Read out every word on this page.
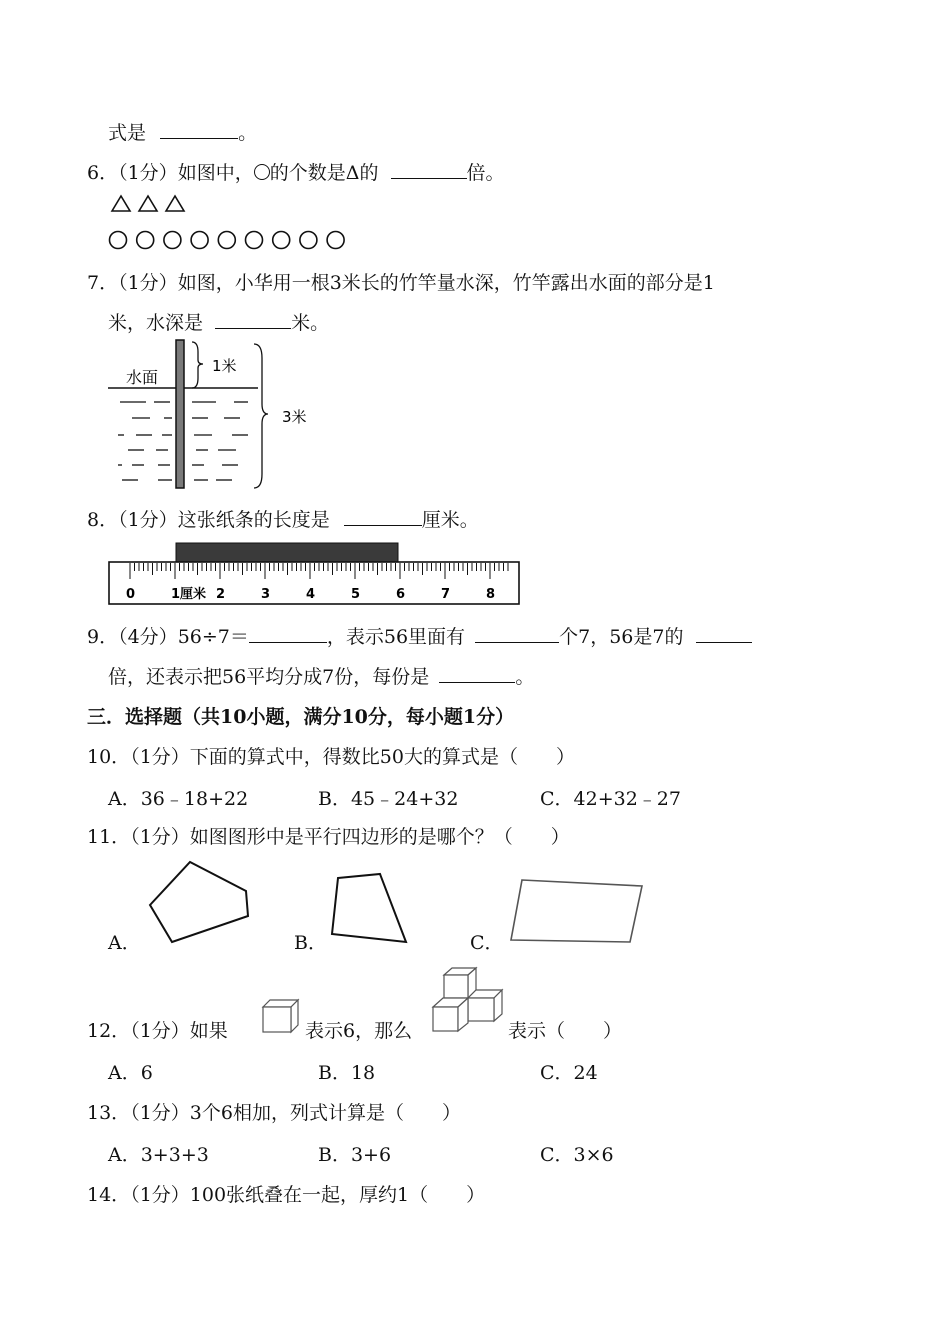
式是	。
6．（1分）如图中， 的个数是Δ的	倍。
7．（1分）如图，小华用一根3米长的竹竿量水深，竹竿露出水面的部分是1
米，水深是	米。
水面
1米
3米
8．（1分）这张纸条的长度是	厘米。
0	1厘米 2	3	4	5	6	7	8
9．（4分）56÷7＝	，表示56里面有	个7，56是7的
倍，还表示把56平均分成7份，每份是	。
三．选择题（共10小题，满分10分，每小题1分）
10．（1分）下面的算式中，得数比50大的算式是（　　）
A．36﹣18+22	B．45﹣24+32	C．42+32﹣27
11．（1分）如图图形中是平行四边形的是哪个？（　　）
A．	B．	C．
12．（1分）如果	表示6，那么	表示（　　）
A．6	B．18	C．24
13．（1分）3个6相加，列式计算是（　　）
A．3+3+3	B．3+6	C．3×6
14．（1分）100张纸叠在一起，厚约1（　　）
